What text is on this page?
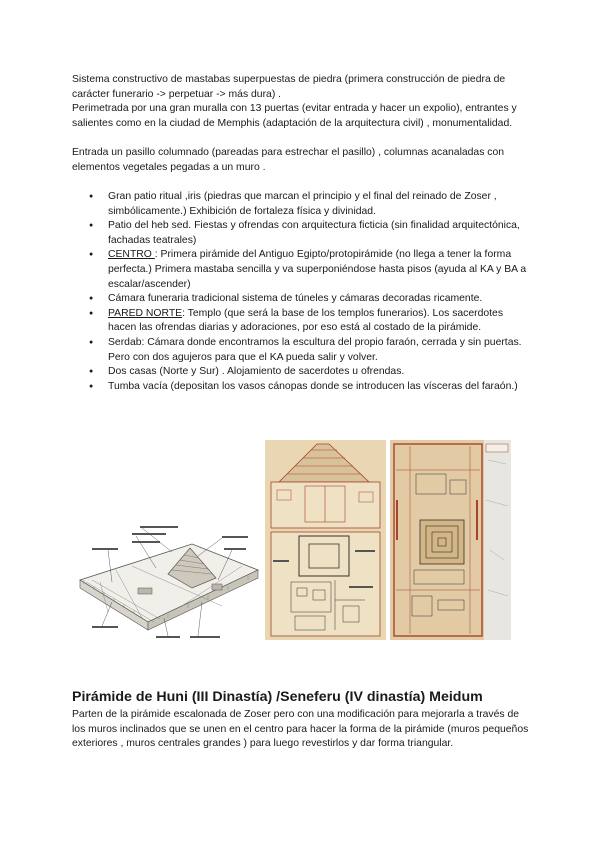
Sistema constructivo de mastabas superpuestas de piedra (primera construcción de piedra de carácter funerario -> perpetuar -> más dura) .

Perimetrada por una gran muralla con 13 puertas (evitar entrada y hacer un expolio), entrantes y salientes como en la ciudad de Memphis (adaptación de la arquitectura civil) , monumentalidad.

Entrada un pasillo columnado (pareadas para estrechar el pasillo) , columnas acanaladas con elementos vegetales pegadas a un muro .

● Gran patio ritual ,iris (piedras que marcan el principio y el final del reinado de Zoser , simbólicamente.) Exhibición de fortaleza física y divinidad.
● Patio del heb sed. Fiestas y ofrendas con arquitectura ficticia (sin finalidad arquitectónica, fachadas teatrales)
● CENTRO : Primera pirámide del Antiguo Egipto/protopirámide (no llega a tener la forma perfecta.) Primera mastaba sencilla y va superponiéndose hasta pisos (ayuda al KA y BA a escalar/ascender)
● Cámara funeraria tradicional sistema de túneles y cámaras decoradas ricamente.
● PARED NORTE: Templo (que será la base de los templos funerarios). Los sacerdotes hacen las ofrendas diarias y adoraciones, por eso está al costado de la pirámide.
● Serdab: Cámara donde encontramos la escultura del propio faraón, cerrada y sin puertas. Pero con dos agujeros para que el KA pueda salir y volver.
● Dos casas (Norte y Sur) . Alojamiento de sacerdotes u ofrendas.
● Tumba vacía (depositan los vasos cánopas donde se introducen las vísceras del faraón.)
Pirámide de Huni (III Dinastía) /Seneferu (IV dinastía) Meidum

Parten de la pirámide escalonada de Zoser pero con una modificación para mejorarla a través de los muros inclinados que se unen en el centro para hacer la forma de la pirámide (muros pequeños exteriores , muros centrales grandes ) para luego revestirlos y dar forma triangular.
